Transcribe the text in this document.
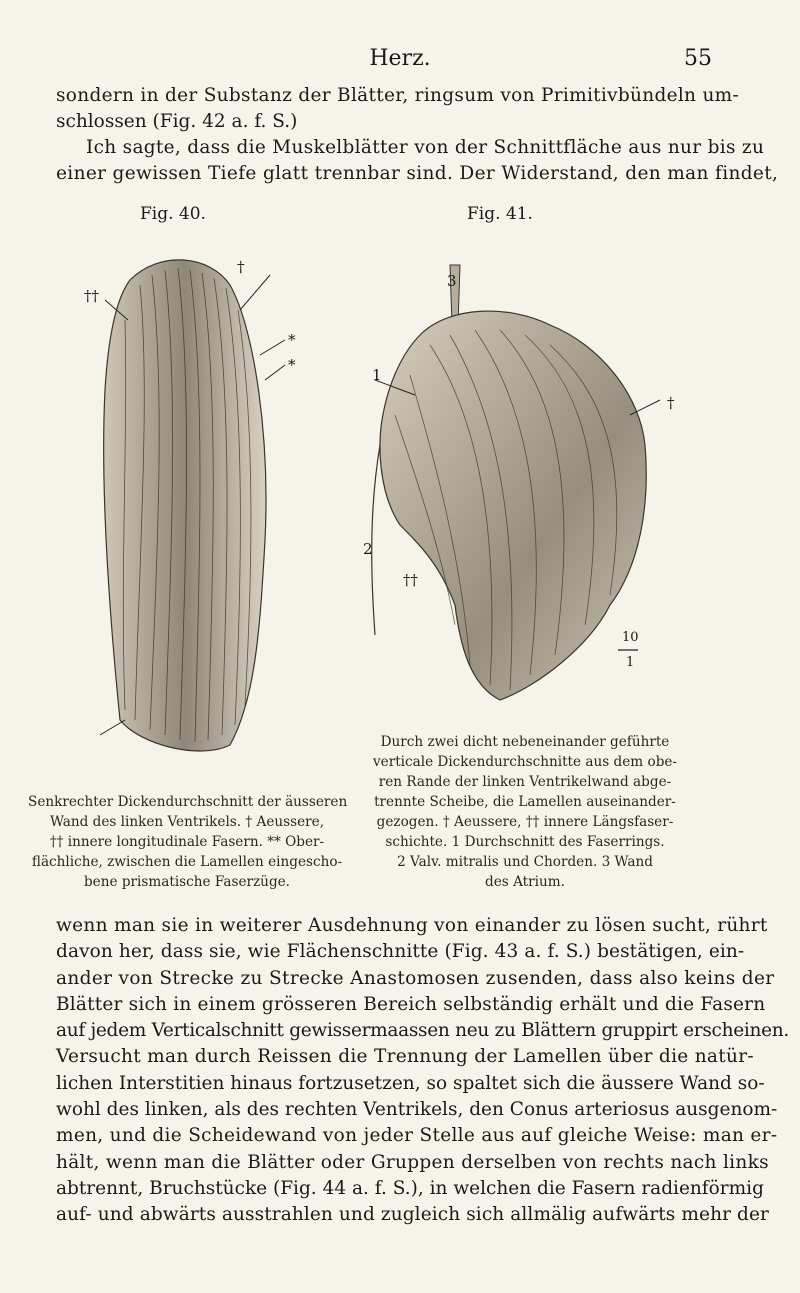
Herz.	55
sondern in der Substanz der Blätter, ringsum von Primitivbündeln um-
schlossen (Fig. 42 a. f. S.)
Ich sagte, dass die Muskelblätter von der Schnittfläche aus nur bis zu
einer gewissen Tiefe glatt trennbar sind. Der Widerstand, den man findet,
Fig. 40.	Fig. 41.
†
††
*
*
3
1
2
†
††
10
1
Senkrechter Dickendurchschnitt der äusseren
Wand des linken Ventrikels. † Aeussere,
†† innere longitudinale Fasern. ** Ober-
flächliche, zwischen die Lamellen eingescho-
bene prismatische Faserzüge.
Durch zwei dicht nebeneinander geführte
verticale Dickendurchschnitte aus dem obe-
ren Rande der linken Ventrikelwand abge-
trennte Scheibe, die Lamellen auseinander-
gezogen. † Aeussere, †† innere Längsfaser-
schichte. 1 Durchschnitt des Faserrings.
2 Valv. mitralis und Chorden. 3 Wand
des Atrium.
wenn man sie in weiterer Ausdehnung von einander zu lösen sucht, rührt
davon her, dass sie, wie Flächenschnitte (Fig. 43 a. f. S.) bestätigen, ein-
ander von Strecke zu Strecke Anastomosen zusenden, dass also keins der
Blätter sich in einem grösseren Bereich selbständig erhält und die Fasern
auf jedem Verticalschnitt gewissermaassen neu zu Blättern gruppirt erscheinen.
Versucht man durch Reissen die Trennung der Lamellen über die natür-
lichen Interstitien hinaus fortzusetzen, so spaltet sich die äussere Wand so-
wohl des linken, als des rechten Ventrikels, den Conus arteriosus ausgenom-
men, und die Scheidewand von jeder Stelle aus auf gleiche Weise: man er-
hält, wenn man die Blätter oder Gruppen derselben von rechts nach links
abtrennt, Bruchstücke (Fig. 44 a. f. S.), in welchen die Fasern radienförmig
auf- und abwärts ausstrahlen und zugleich sich allmälig aufwärts mehr der
